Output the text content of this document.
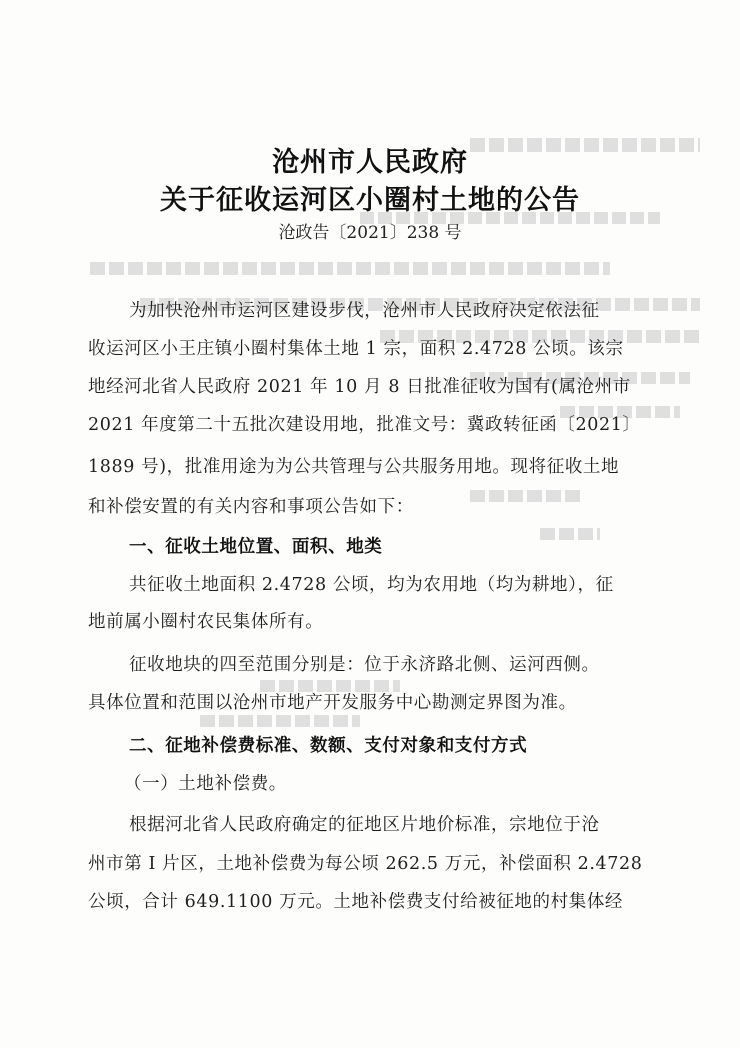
沧州市人民政府
关于征收运河区小圈村土地的公告
沧政告〔2021〕238 号
为加快沧州市运河区建设步伐，沧州市人民政府决定依法征
收运河区小王庄镇小圈村集体土地 1 宗，面积 2.4728 公顷。该宗
地经河北省人民政府 2021 年 10 月 8 日批准征收为国有(属沧州市
2021 年度第二十五批次建设用地，批准文号：冀政转征函〔2021〕
1889 号)，批准用途为为公共管理与公共服务用地。现将征收土地
和补偿安置的有关内容和事项公告如下：
一、征收土地位置、面积、地类
共征收土地面积 2.4728 公顷，均为农用地（均为耕地），征
地前属小圈村农民集体所有。
征收地块的四至范围分别是：位于永济路北侧、运河西侧。
具体位置和范围以沧州市地产开发服务中心勘测定界图为准。
二、征地补偿费标准、数额、支付对象和支付方式
（一）土地补偿费。
根据河北省人民政府确定的征地区片地价标准，宗地位于沧
州市第 I 片区，土地补偿费为每公顷 262.5 万元，补偿面积 2.4728
公顷，合计 649.1100 万元。土地补偿费支付给被征地的村集体经
